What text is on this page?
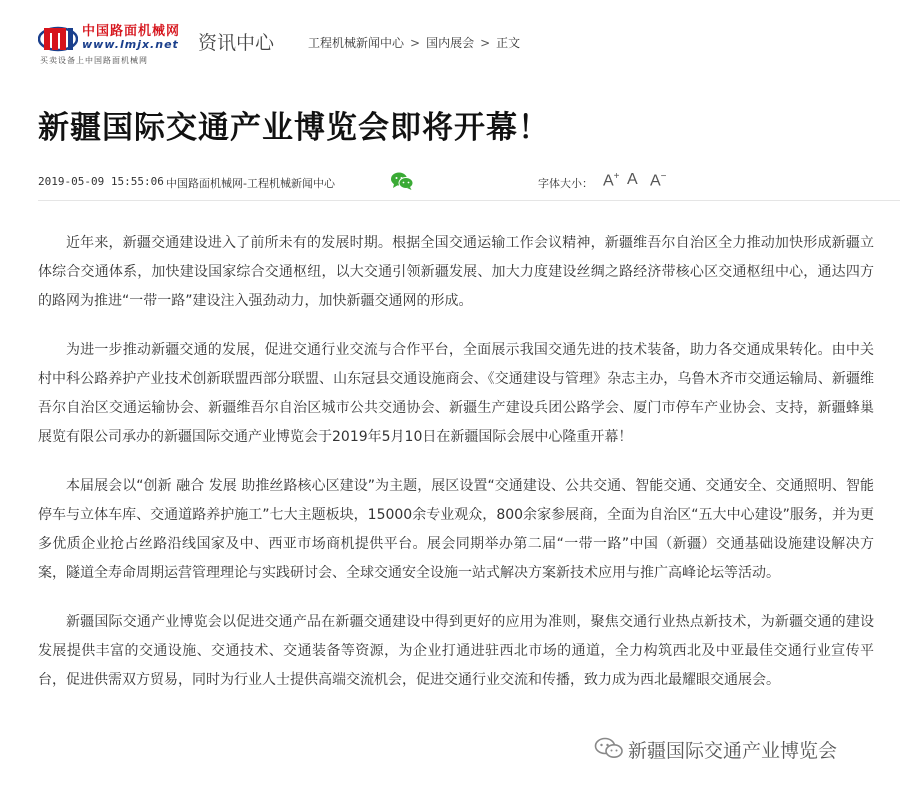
中国路面机械网
www.lmjx.net
买卖设备上中国路面机械网
资讯中心	工程机械新闻中心 > 国内展会 > 正文
新疆国际交通产业博览会即将开幕！
2019-05-09 15:55:06 中国路面机械网-工程机械新闻中心	字体大小： A+ A A−

近年来，新疆交通建设进入了前所未有的发展时期。根据全国交通运输工作会议精神，新疆维吾尔自治区全力推动加快形成新疆立体综合交通体系，加快建设国家综合交通枢纽，以大交通引领新疆发展、加大力度建设丝绸之路经济带核心区交通枢纽中心，通达四方的路网为推进“一带一路”建设注入强劲动力，加快新疆交通网的形成。

为进一步推动新疆交通的发展，促进交通行业交流与合作平台，全面展示我国交通先进的技术装备，助力各交通成果转化。由中关村中科公路养护产业技术创新联盟西部分联盟、山东冠县交通设施商会、《交通建设与管理》杂志主办，乌鲁木齐市交通运输局、新疆维吾尔自治区交通运输协会、新疆维吾尔自治区城市公共交通协会、新疆生产建设兵团公路学会、厦门市停车产业协会、支持，新疆蜂巢展览有限公司承办的新疆国际交通产业博览会于2019年5月10日在新疆国际会展中心隆重开幕！

本届展会以“创新 融合 发展 助推丝路核心区建设”为主题，展区设置“交通建设、公共交通、智能交通、交通安全、交通照明、智能停车与立体车库、交通道路养护施工”七大主题板块，15000余专业观众，800余家参展商，全面为自治区“五大中心建设”服务，并为更多优质企业抢占丝路沿线国家及中、西亚市场商机提供平台。展会同期举办第二届“一带一路”中国（新疆）交通基础设施建设解决方案，隧道全寿命周期运营管理理论与实践研讨会、全球交通安全设施一站式解决方案新技术应用与推广高峰论坛等活动。

新疆国际交通产业博览会以促进交通产品在新疆交通建设中得到更好的应用为准则，聚焦交通行业热点新技术，为新疆交通的建设发展提供丰富的交通设施、交通技术、交通装备等资源，为企业打通进驻西北市场的通道，全力构筑西北及中亚最佳交通行业宣传平台，促进供需双方贸易，同时为行业人士提供高端交流机会，促进交通行业交流和传播，致力成为西北最耀眼交通展会。

新疆国际交通产业博览会
